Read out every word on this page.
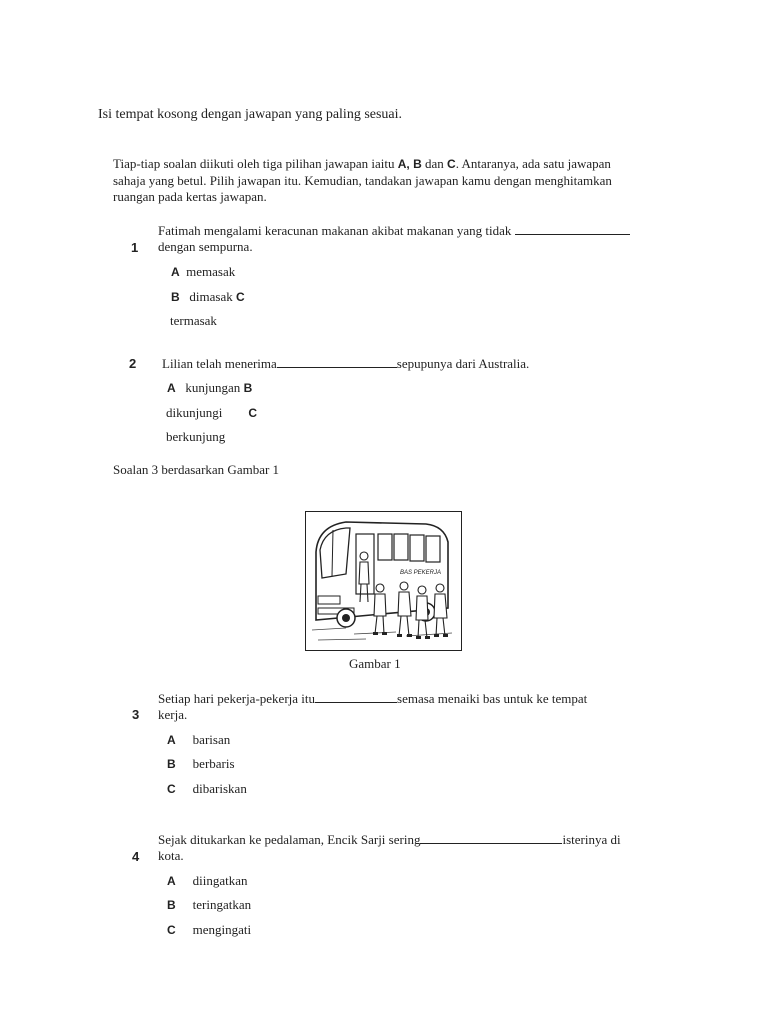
Isi tempat kosong dengan jawapan yang paling sesuai.
Tiap-tiap soalan diikuti oleh tiga pilihan jawapan iaitu A, B dan C. Antaranya, ada satu jawapan
sahaja yang betul. Pilih jawapan itu. Kemudian, tandakan jawapan kamu dengan menghitamkan
ruangan pada kertas jawapan.
Fatimah mengalami keracunan makanan akibat makanan yang tidak
1 dengan sempurna.
A memasak
B dimasak C
termasak
2 Lilian telah menerima	sepupunya dari Australia.
A kunjungan B
dikunjungi C
berkunjung
Soalan 3 berdasarkan Gambar 1
BAS PEKERJA
Gambar 1
Setiap hari pekerja-pekerja itu	semasa menaiki bas untuk ke tempat
3 kerja.
A barisan
B berbaris
C dibariskan
Sejak ditukarkan ke pedalaman, Encik Sarji sering	isterinya di
4 kota.
A diingatkan
B teringatkan
C mengingati
